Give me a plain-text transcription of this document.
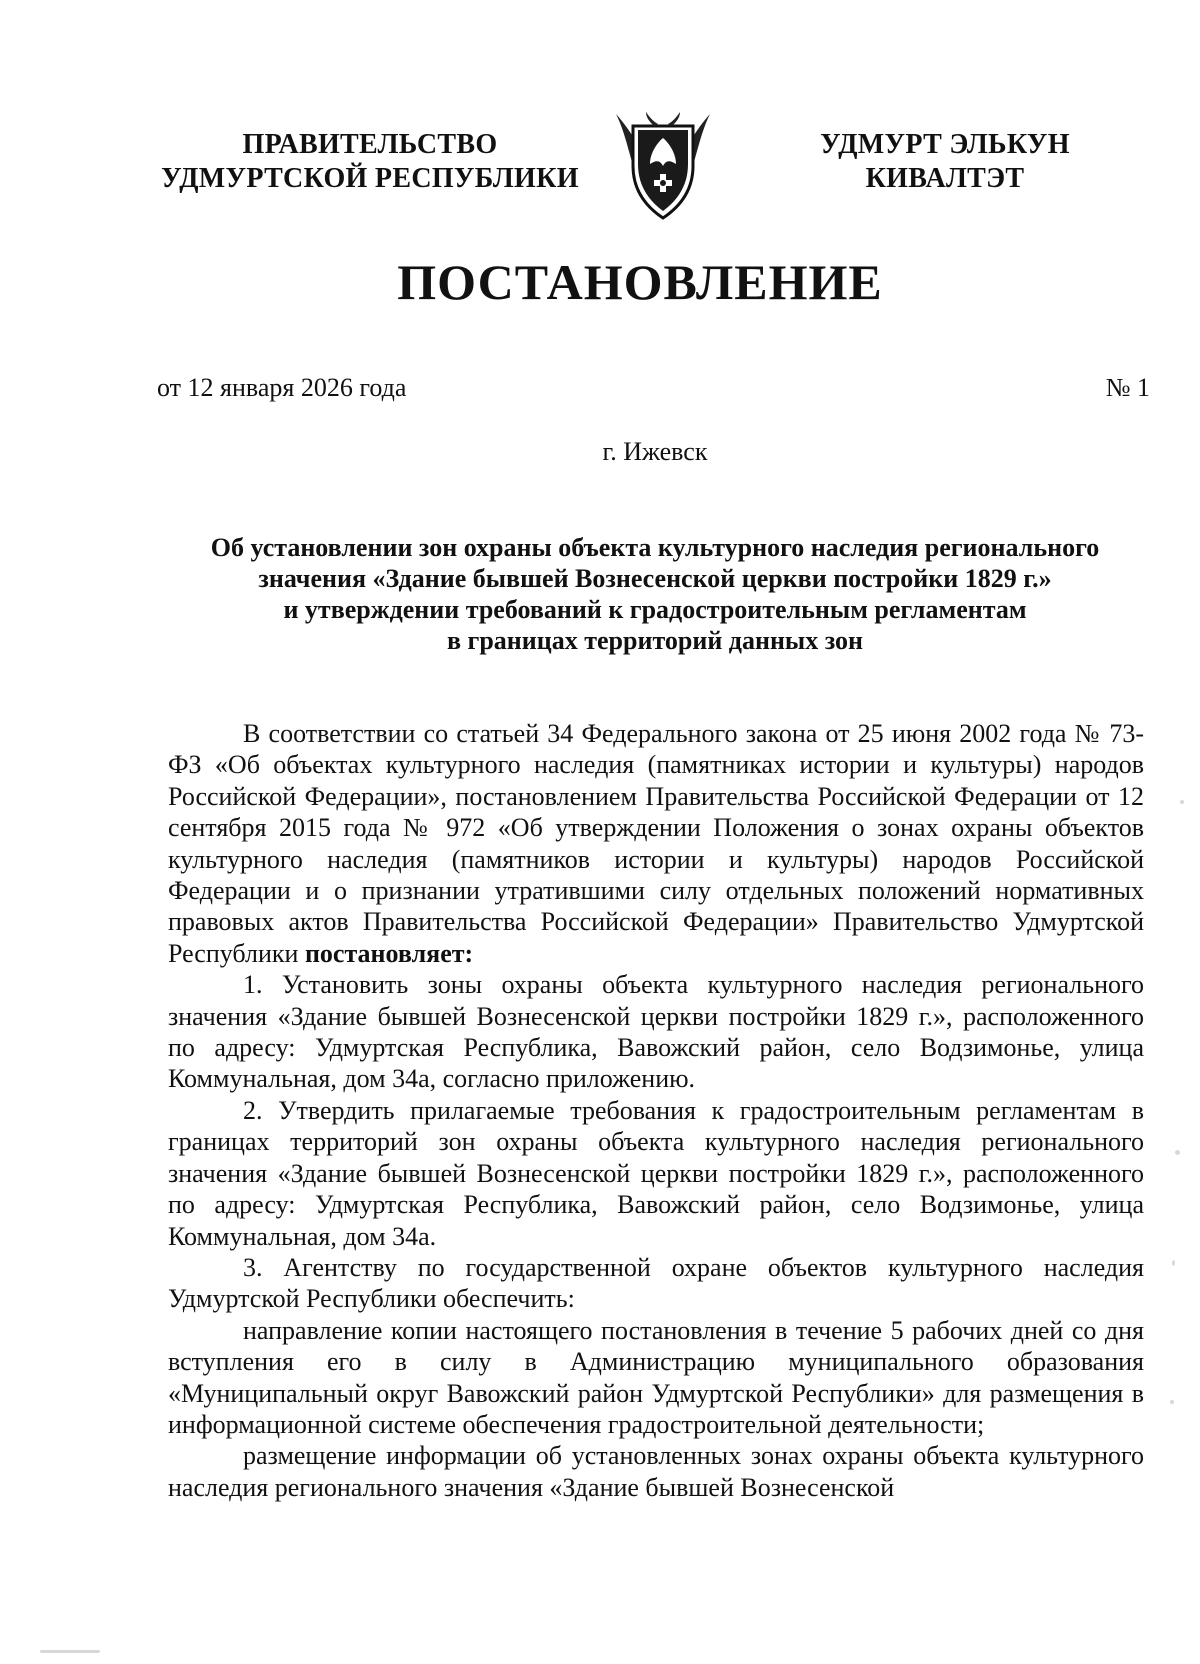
ПРАВИТЕЛЬСТВО
УДМУРТСКОЙ РЕСПУБЛИКИ
УДМУРТ ЭЛЬКУН
КИВАЛТЭТ
ПОСТАНОВЛЕНИЕ
от 12 января 2026 года	№ 1
г. Ижевск
Об установлении зон охраны объекта культурного наследия регионального
значения «Здание бывшей Вознесенской церкви постройки 1829 г.»
и утверждении требований к градостроительным регламентам
в границах территорий данных зон

В соответствии со статьей 34 Федерального закона от 25 июня 2002 года № 73-ФЗ «Об объектах культурного наследия (памятниках истории и культуры) народов Российской Федерации», постановлением Правительства Российской Федерации от 12 сентября 2015 года № 972 «Об утверждении Положения о зонах охраны объектов культурного наследия (памятников истории и культуры) народов Российской Федерации и о признании утратившими силу отдельных положений нормативных правовых актов Правительства Российской Федерации» Правительство Удмуртской Республики постановляет:

1. Установить зоны охраны объекта культурного наследия регионального значения «Здание бывшей Вознесенской церкви постройки 1829 г.», расположенного по адресу: Удмуртская Республика, Вавожский район, село Водзимонье, улица Коммунальная, дом 34а, согласно приложению.

2. Утвердить прилагаемые требования к градостроительным регламентам в границах территорий зон охраны объекта культурного наследия регионального значения «Здание бывшей Вознесенской церкви постройки 1829 г.», расположенного по адресу: Удмуртская Республика, Вавожский район, село Водзимонье, улица Коммунальная, дом 34а.

3. Агентству по государственной охране объектов культурного наследия Удмуртской Республики обеспечить:

направление копии настоящего постановления в течение 5 рабочих дней со дня вступления его в силу в Администрацию муниципального образования «Муниципальный округ Вавожский район Удмуртской Республики» для размещения в информационной системе обеспечения градостроительной деятельности;

размещение информации об установленных зонах охраны объекта культурного наследия регионального значения «Здание бывшей Вознесенской
